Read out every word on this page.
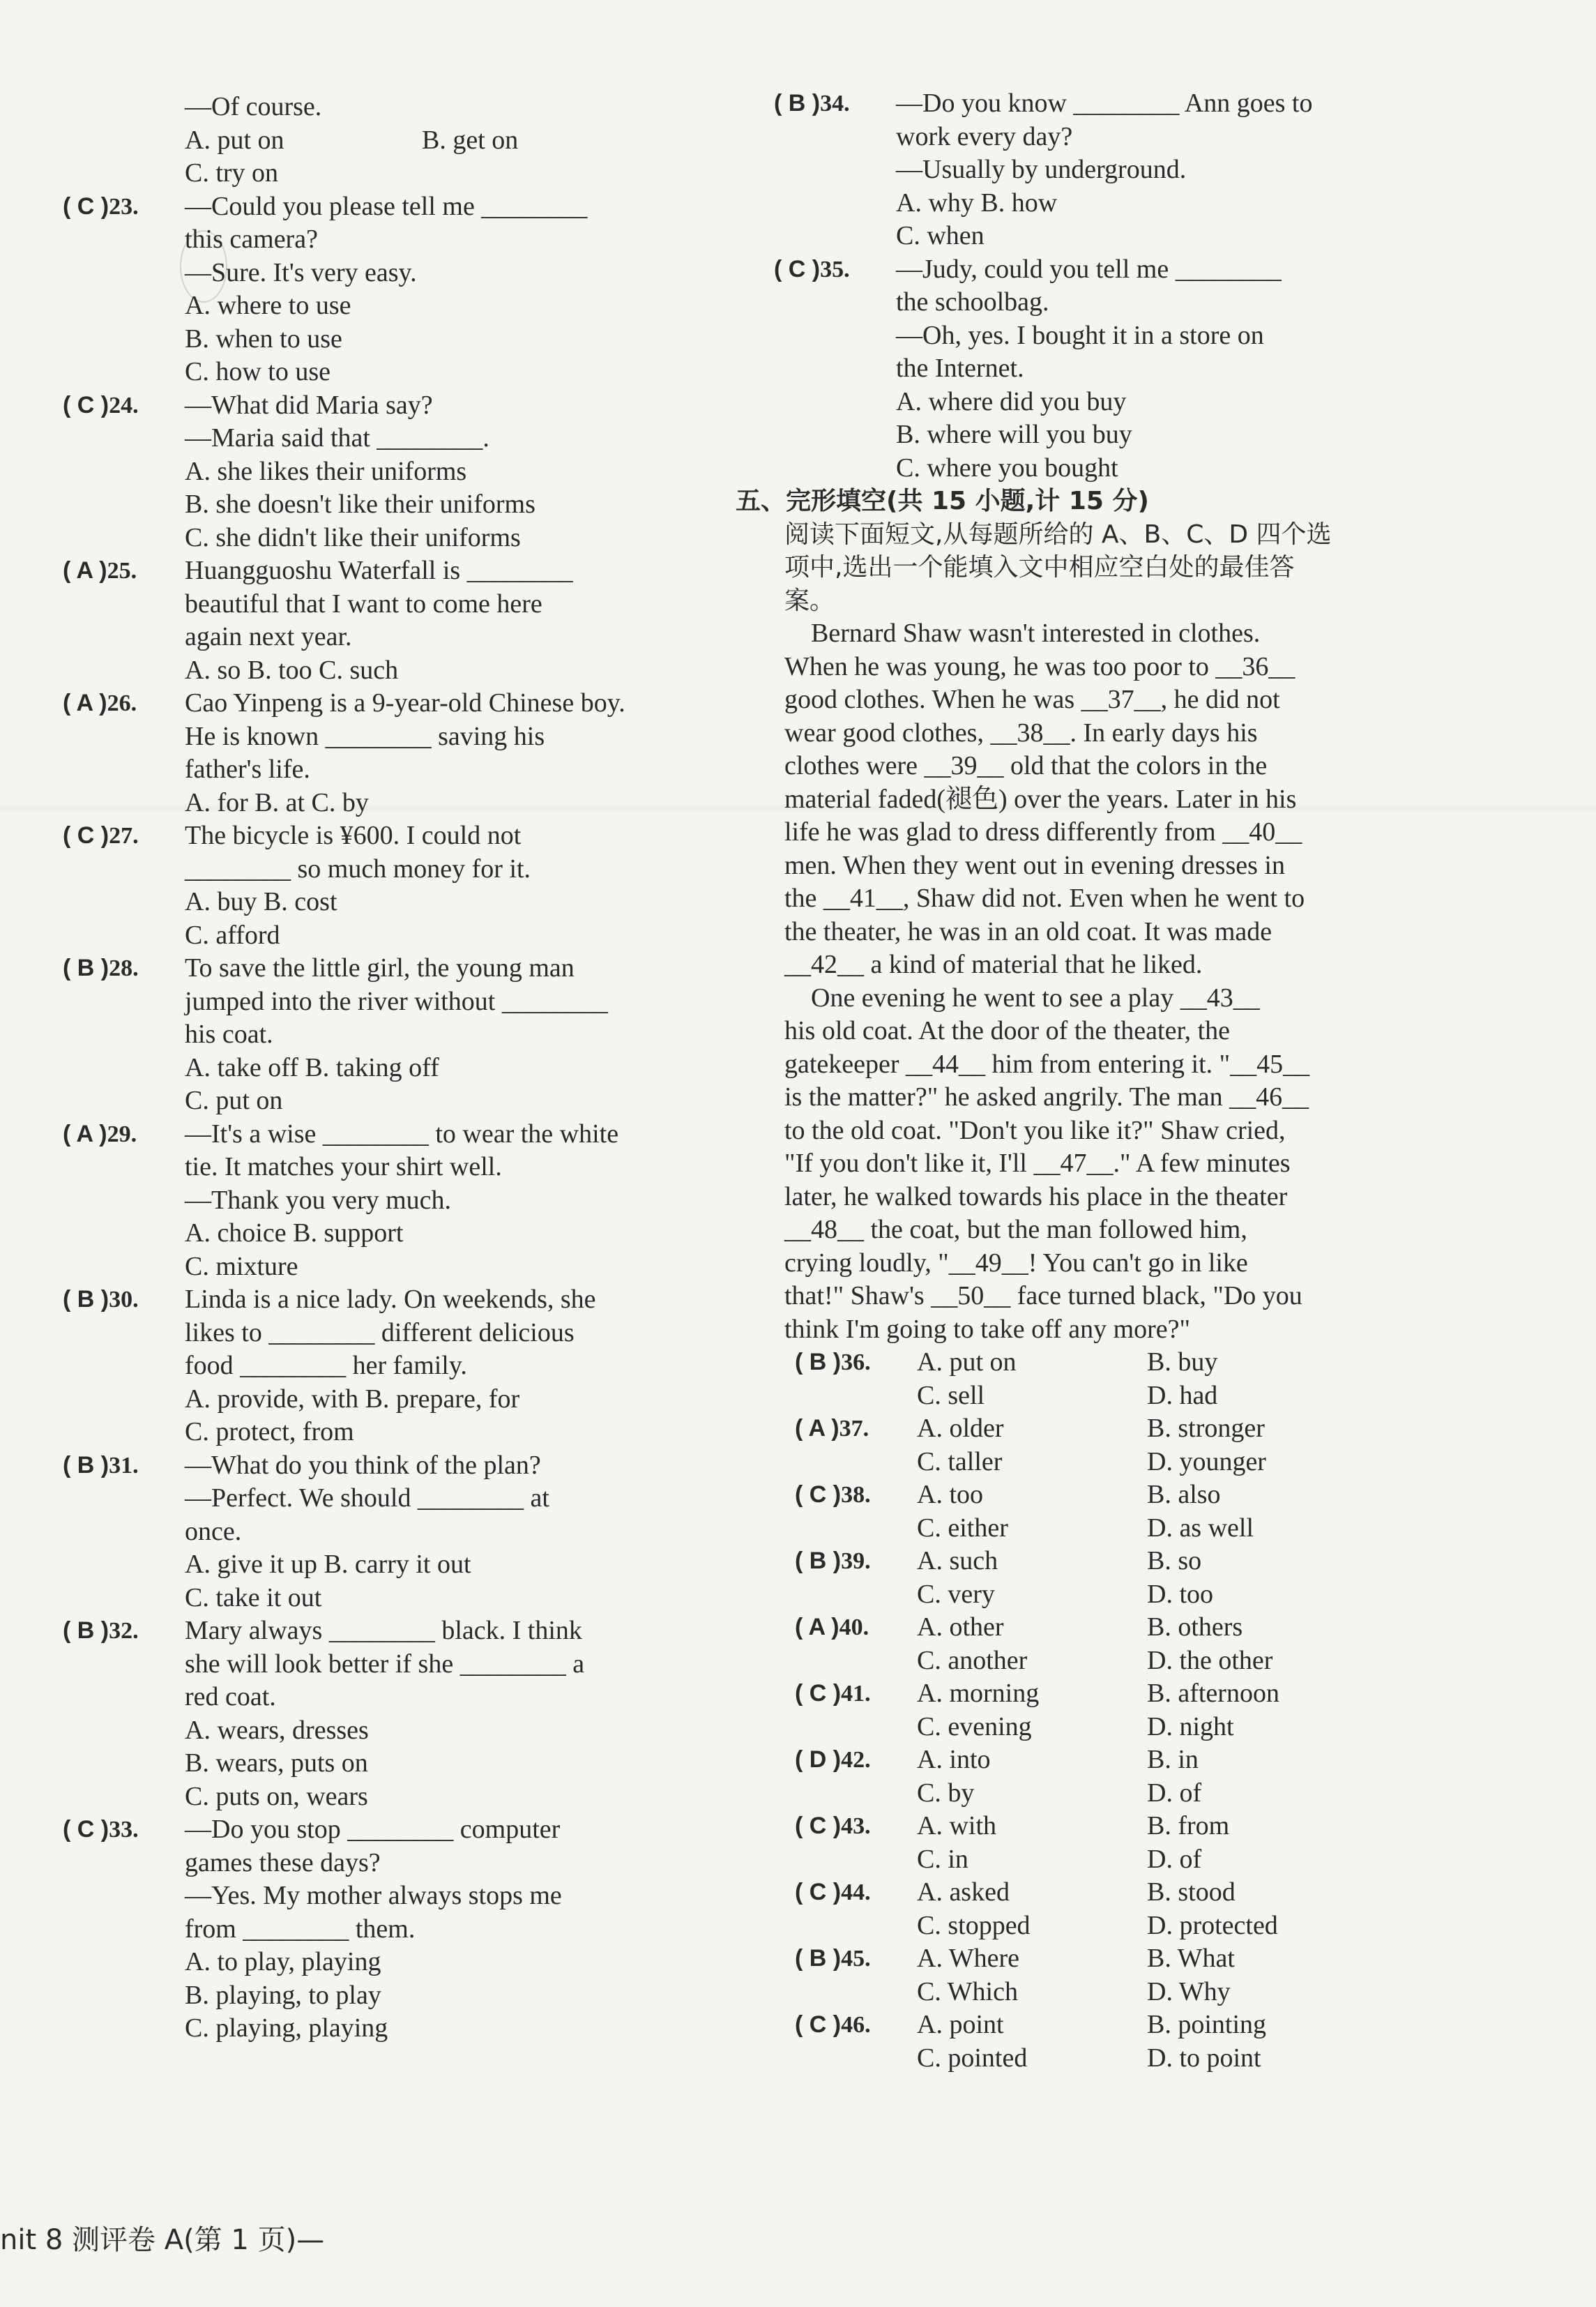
—Of course.
A. put on	B. get on
C. try on
( C )23.	—Could you please tell me ________
this camera?
—Sure. It's very easy.
A. where to use
B. when to use
C. how to use
( C )24.	—What did Maria say?
—Maria said that ________.
A. she likes their uniforms
B. she doesn't like their uniforms
C. she didn't like their uniforms
( A )25.	Huangguoshu Waterfall is ________
beautiful that I want to come here
again next year.
A. so B. too C. such
( A )26.	Cao Yinpeng is a 9-year-old Chinese boy.
He is known ________ saving his
father's life.
A. for B. at C. by
( C )27.	The bicycle is ¥600. I could not
________ so much money for it.
A. buy B. cost
C. afford
( B )28.	To save the little girl, the young man
jumped into the river without ________
his coat.
A. take off B. taking off
C. put on
( A )29.	—It's a wise ________ to wear the white
tie. It matches your shirt well.
—Thank you very much.
A. choice B. support
C. mixture
( B )30.	Linda is a nice lady. On weekends, she
likes to ________ different delicious
food ________ her family.
A. provide, with B. prepare, for
C. protect, from
( B )31.	—What do you think of the plan?
—Perfect. We should ________ at
once.
A. give it up B. carry it out
C. take it out
( B )32.	Mary always ________ black. I think
she will look better if she ________ a
red coat.
A. wears, dresses
B. wears, puts on
C. puts on, wears
( C )33.	—Do you stop ________ computer
games these days?
—Yes. My mother always stops me
from ________ them.
A. to play, playing
B. playing, to play
C. playing, playing
( B )34.	—Do you know ________ Ann goes to
work every day?
—Usually by underground.
A. why B. how
C. when
( C )35.	—Judy, could you tell me ________
the schoolbag.
—Oh, yes. I bought it in a store on
the Internet.
A. where did you buy
B. where will you buy
C. where you bought
五、完形填空(共 15 小题,计 15 分)
阅读下面短文,从每题所给的 A、B、C、D 四个选
项中,选出一个能填入文中相应空白处的最佳答
案。
Bernard Shaw wasn't interested in clothes.
When he was young, he was too poor to __36__
good clothes. When he was __37__, he did not
wear good clothes, __38__. In early days his
clothes were __39__ old that the colors in the
material faded(褪色) over the years. Later in his
life he was glad to dress differently from __40__
men. When they went out in evening dresses in
the __41__, Shaw did not. Even when he went to
the theater, he was in an old coat. It was made
__42__ a kind of material that he liked.
One evening he went to see a play __43__
his old coat. At the door of the theater, the
gatekeeper __44__ him from entering it. "__45__
is the matter?" he asked angrily. The man __46__
to the old coat. "Don't you like it?" Shaw cried,
"If you don't like it, I'll __47__." A few minutes
later, he walked towards his place in the theater
__48__ the coat, but the man followed him,
crying loudly, "__49__! You can't go in like
that!" Shaw's __50__ face turned black, "Do you
think I'm going to take off any more?"
( B )36.	A. put on	B. buy
C. sell	D. had
( A )37.	A. older	B. stronger
C. taller	D. younger
( C )38.	A. too	B. also
C. either	D. as well
( B )39.	A. such	B. so
C. very	D. too
( A )40.	A. other	B. others
C. another	D. the other
( C )41.	A. morning	B. afternoon
C. evening	D. night
( D )42.	A. into	B. in
C. by	D. of
( C )43.	A. with	B. from
C. in	D. of
( C )44.	A. asked	B. stood
C. stopped	D. protected
( B )45.	A. Where	B. What
C. Which	D. Why
( C )46.	A. point	B. pointing
C. pointed	D. to point
nit 8 测评卷 A(第 1 页)—
